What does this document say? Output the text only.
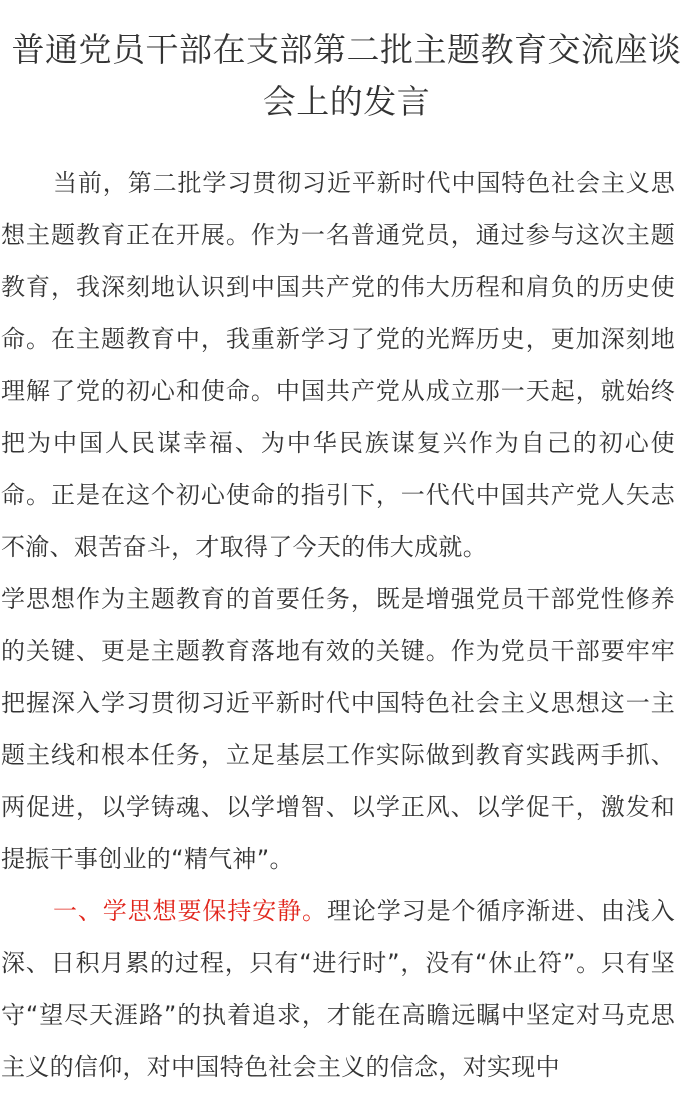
普通党员干部在支部第二批主题教育交流座谈会上的发言

当前，第二批学习贯彻习近平新时代中国特色社会主义思想主题教育正在开展。作为一名普通党员，通过参与这次主题教育，我深刻地认识到中国共产党的伟大历程和肩负的历史使命。在主题教育中，我重新学习了党的光辉历史，更加深刻地理解了党的初心和使命。中国共产党从成立那一天起，就始终把为中国人民谋幸福、为中华民族谋复兴作为自己的初心使命。正是在这个初心使命的指引下，一代代中国共产党人矢志不渝、艰苦奋斗，才取得了今天的伟大成就。

学思想作为主题教育的首要任务，既是增强党员干部党性修养的关键、更是主题教育落地有效的关键。作为党员干部要牢牢把握深入学习贯彻习近平新时代中国特色社会主义思想这一主题主线和根本任务，立足基层工作实际做到教育实践两手抓、两促进，以学铸魂、以学增智、以学正风、以学促干，激发和提振干事创业的“精气神”。

一、学思想要保持安静。理论学习是个循序渐进、由浅入深、日积月累的过程，只有“进行时”，没有“休止符”。只有坚守“望尽天涯路”的执着追求，才能在高瞻远瞩中坚定对马克思主义的信仰，对中国特色社会主义的信念，对实现中
